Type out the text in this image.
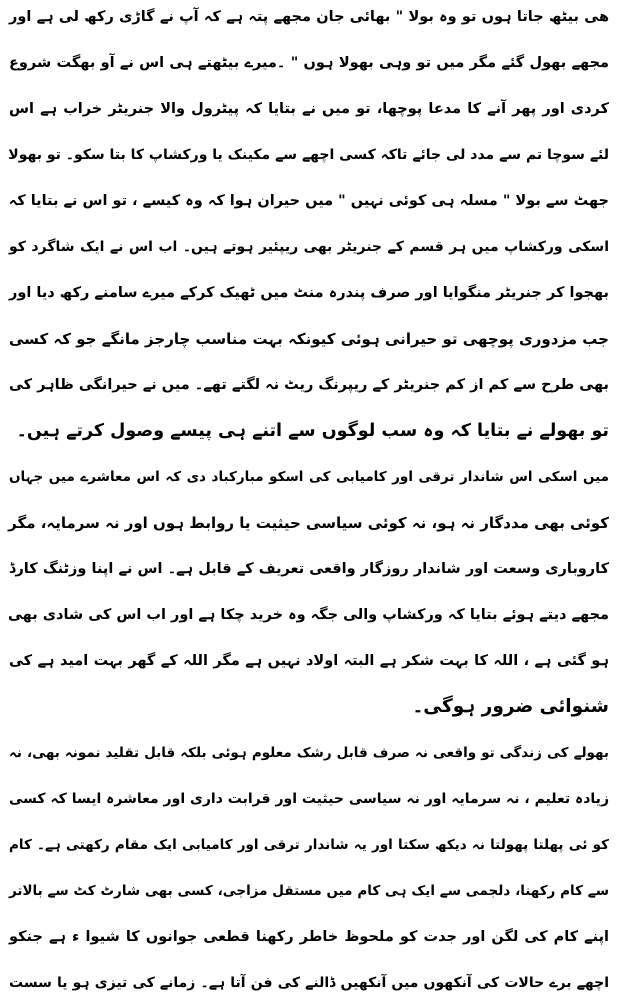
هی بیٹھ جاتا ہوں تو وہ بولا " بھائی جان مجھے پتہ ہے کہ آپ نے گاڑی رکھ لی ہے اور
مجھے بھول گئے مگر میں تو وہی بھولا ہوں " ۔میرے بیٹھتے ہی اس نے آو بھگت شروع
کردی اور پھر آنے کا مدعا پوچھا، تو میں نے بتایا کہ پیٹرول والا جنریٹر خراب ہے اس
لئے سوچا تم سے مدد لی جائے تاکہ کسی اچھے سے مکینک یا ورکشاپ کا بتا سکو۔ تو بھولا
جھٹ سے بولا " مسلہ ہی کوئی نہیں " میں حیران ہوا کہ وہ کیسے ، تو اس نے بتایا کہ
اسکی ورکشاپ میں ہر قسم کے جنریٹر بھی ریپئیر ہوتے ہیں۔ اب اس نے ایک شاگرد کو
بھجوا کر جنریٹر منگوایا اور صرف پندرہ منٹ میں ٹھیک کرکے میرے سامنے رکھ دیا اور
جب مزدوری پوچھی تو حیرانی ہوئی کیونکہ بہت مناسب چارجز مانگے جو کہ کسی
بھی طرح سے کم از کم جنریٹر کے ریپرنگ ریٹ نہ لگتے تھے۔ میں نے حیرانگی ظاہر کی
تو بھولے نے بتایا کہ وہ سب لوگوں سے اتنے ہی پیسے وصول کرتے ہیں۔
میں اسکی اس شاندار ترقی اور کامیابی کی اسکو مبارکباد دی کہ اس معاشرے میں جہاں
کوئی بھی مددگار نہ ہو، نہ کوئی سیاسی حیثیت یا روابط ہوں اور نہ سرمایہ، مگر
کاروباری وسعت اور شاندار روزگار واقعی تعریف کے قابل ہے۔ اس نے اپنا وزٹنگ کارڈ
مجھے دیتے ہوئے بتایا کہ ورکشاپ والی جگہ وہ خرید چکا ہے اور اب اس کی شادی بھی
ہو گئی ہے ، اللہ کا بہت شکر ہے البتہ اولاد نہیں ہے مگر اللہ کے گھر بہت امید ہے کی
شنوائی ضرور ہوگی۔
بھولے کی زندگی تو واقعی نہ صرف قابل رشک معلوم ہوئی بلکہ قابل تقلید نمونہ بھی، نہ
زیادہ تعلیم ، نہ سرمایہ اور نہ سیاسی حیثیت اور قرابت داری اور معاشرہ ایسا کہ کسی
کو ئی پھلتا پھولتا نہ دیکھ سکتا اور یہ شاندار ترقی اور کامیابی ایک مقام رکھتی ہے۔ کام
سے کام رکھنا، دلجمی سے ایک ہی کام میں مستقل مزاجی، کسی بھی شارٹ کٹ سے بالاتر
اپنے کام کی لگن اور جدت کو ملحوظ خاطر رکھنا قطعی جوانوں کا شیوا ء ہے جنکو
اچھے برے حالات کی آنکھوں میں آنکھیں ڈالنے کی فن آتا ہے۔ زمانے کی تیزی ہو یا سست
